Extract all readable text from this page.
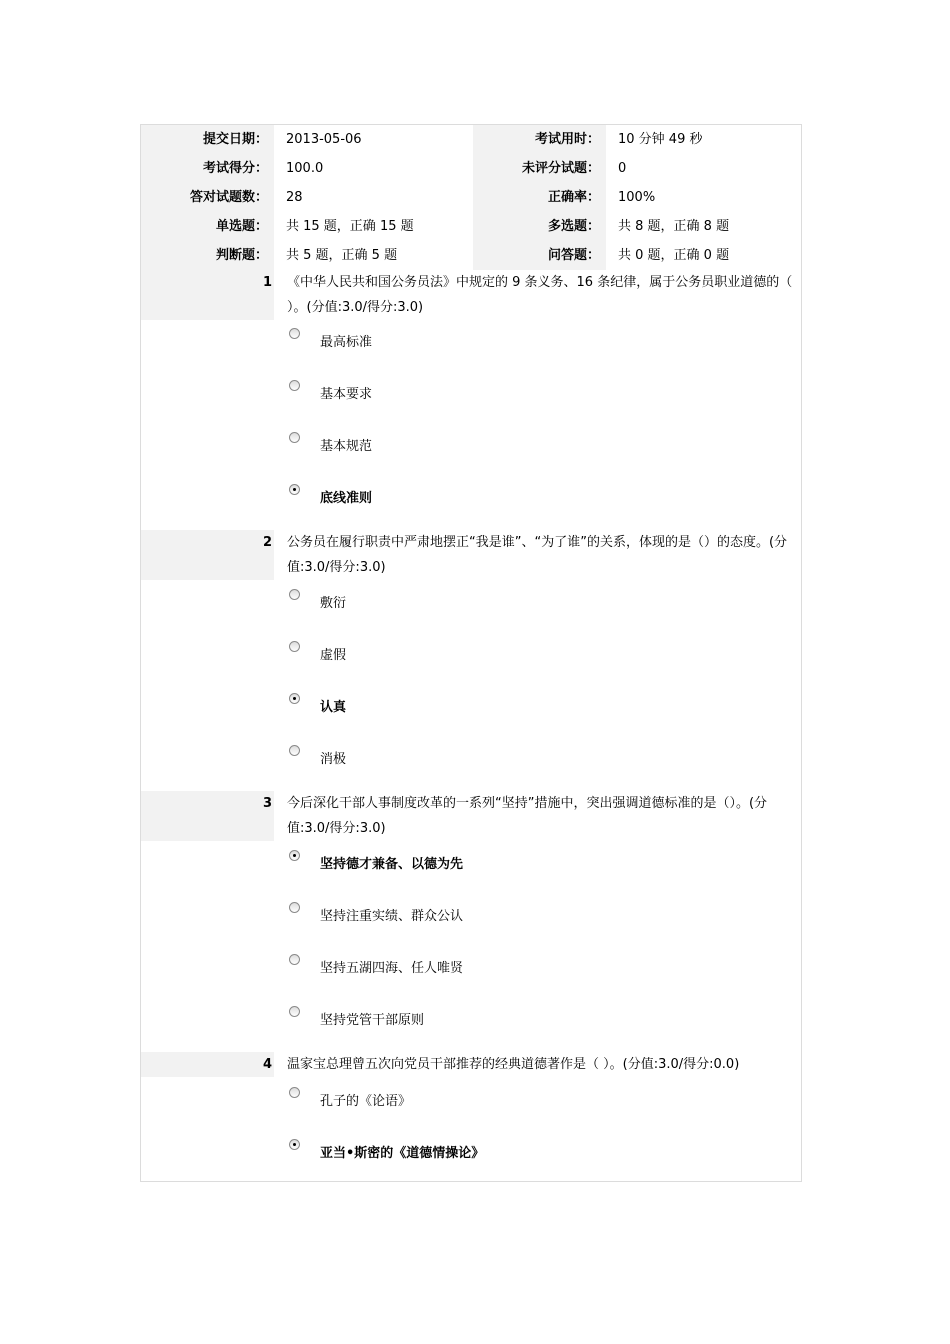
提交日期：	2013-05-06	考试用时：	10 分钟 49 秒
考试得分：	100.0	未评分试题：	0
答对试题数：	28	正确率：	100%
单选题：	共 15 题，正确 15 题	多选题：	共 8 题，正确 8 题
判断题：	共 5 题，正确 5 题	问答题：	共 0 题，正确 0 题
1 《中华人民共和国公务员法》中规定的 9 条义务、16 条纪律，属于公务员职业道德的（ ）。(分值:3.0/得分:3.0)
最高标准
基本要求
基本规范
底线准则
2 公务员在履行职责中严肃地摆正“我是谁”、“为了谁”的关系，体现的是（）的态度。(分值:3.0/得分:3.0)
敷衍
虚假
认真
消极
3 今后深化干部人事制度改革的一系列“坚持”措施中，突出强调道德标准的是（）。(分值:3.0/得分:3.0)
坚持德才兼备、以德为先
坚持注重实绩、群众公认
坚持五湖四海、任人唯贤
坚持党管干部原则
4 温家宝总理曾五次向党员干部推荐的经典道德著作是（ ）。(分值:3.0/得分:0.0)
孔子的《论语》
亚当•斯密的《道德情操论》
